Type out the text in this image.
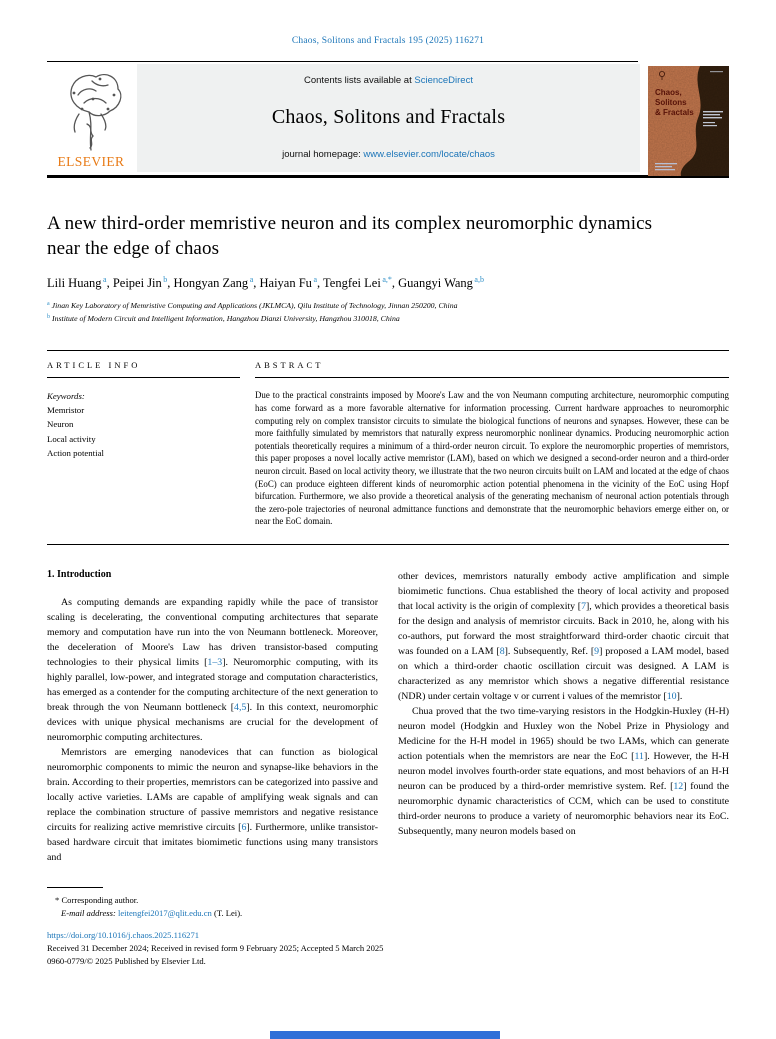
Chaos, Solitons and Fractals 195 (2025) 116271
ELSEVIER
Contents lists available at ScienceDirect
Chaos, Solitons and Fractals
journal homepage: www.elsevier.com/locate/chaos
Chaos,
Solitons
& Fractals
A new third-order memristive neuron and its complex neuromorphic dynamics near the edge of chaos
Lili Huang $^a$, Peipei Jin $^b$, Hongyan Zang $^a$, Haiyan Fu $^a$, Tengfei Lei $^{a,*}$, Guangyi Wang $^{a,b}$
$^a$ Jinan Key Laboratory of Memristive Computing and Applications (JKLMCA), Qilu Institute of Technology, Jinnan 250200, China
$^b$ Institute of Modern Circuit and Intelligent Information, Hangzhou Dianzi University, Hangzhou 310018, China
ARTICLE INFO
Keywords:
Memristor
Neuron
Local activity
Action potential
ABSTRACT

Due to the practical constraints imposed by Moore's Law and the von Neumann computing architecture, neuromorphic computing has come forward as a more favorable alternative for information processing. Current hardware approaches to neuromorphic computing rely on complex transistor circuits to simulate the biological functions of neurons and synapses. However, these can be more faithfully simulated by memristors that naturally express neuromorphic nonlinear dynamics. Producing neuromorphic action potentials theoretically requires a minimum of a third-order neuron circuit. To explore the neuromorphic properties of memristors, this paper proposes a novel locally active memristor (LAM), based on which we designed a second-order neuron and a third-order neuron circuit. Based on local activity theory, we illustrate that the two neuron circuits built on LAM and located at the edge of chaos (EoC) can produce eighteen different kinds of neuromorphic action potential phenomena in the vicinity of the EoC using Hopf bifurcation. Furthermore, we also provide a theoretical analysis of the generating mechanism of neuronal action potentials through the zero-pole trajectories of neuronal admittance functions and demonstrate that the neuromorphic behaviors emerge either on, or near the EoC domain.

1. Introduction

As computing demands are expanding rapidly while the pace of transistor scaling is decelerating, the conventional computing architectures that separate memory and computation have run into the von Neumann bottleneck. Moreover, the deceleration of Moore's Law has driven transistor-based computing technologies to their physical limits [1–3]. Neuromorphic computing, with its highly parallel, low-power, and integrated storage and computation characteristics, has emerged as a contender for the computing architecture of the next generation to break through the von Neumann bottleneck [4,5]. In this context, neuromorphic devices with unique physical mechanisms are crucial for the development of neuromorphic computing architectures.

Memristors are emerging nanodevices that can function as biological neuromorphic components to mimic the neuron and synapse-like behaviors in the brain. According to their properties, memristors can be categorized into passive and locally active varieties. LAMs are capable of amplifying weak signals and can replace the combination structure of passive memristors and negative resistance circuits for realizing active memristive circuits [6]. Furthermore, unlike transistor-based hardware circuit that imitates biomimetic functions using many transistors and

other devices, memristors naturally embody active amplification and simple biomimetic functions. Chua established the theory of local activity and proposed that local activity is the origin of complexity [7], which provides a theoretical basis for the design and analysis of memristor circuits. Back in 2010, he, along with his co-authors, put forward the most straightforward third-order chaotic circuit that was founded on a LAM [8]. Subsequently, Ref. [9] proposed a LAM model, based on which a third-order chaotic oscillation circuit was designed. A LAM is characterized as any memristor which shows a negative differential resistance (NDR) under certain voltage v or current i values of the memristor [10].

Chua proved that the two time-varying resistors in the Hodgkin-Huxley (H-H) neuron model (Hodgkin and Huxley won the Nobel Prize in Physiology and Medicine for the H-H model in 1965) should be two LAMs, which can generate action potentials when the memristors are near the EoC [11]. However, the H-H neuron model involves fourth-order state equations, and most behaviors of an H-H neuron can be produced by a third-order memristive system. Ref. [12] found the neuromorphic dynamic characteristics of CCM, which can be used to constitute third-order neurons to produce a variety of neuromorphic behaviors near its EoC. Subsequently, many neuron models based on

* Corresponding author.
E-mail address: leitengfei2017@qlit.edu.cn (T. Lei).
https://doi.org/10.1016/j.chaos.2025.116271
Received 31 December 2024; Received in revised form 9 February 2025; Accepted 5 March 2025
0960-0779/© 2025 Published by Elsevier Ltd.
